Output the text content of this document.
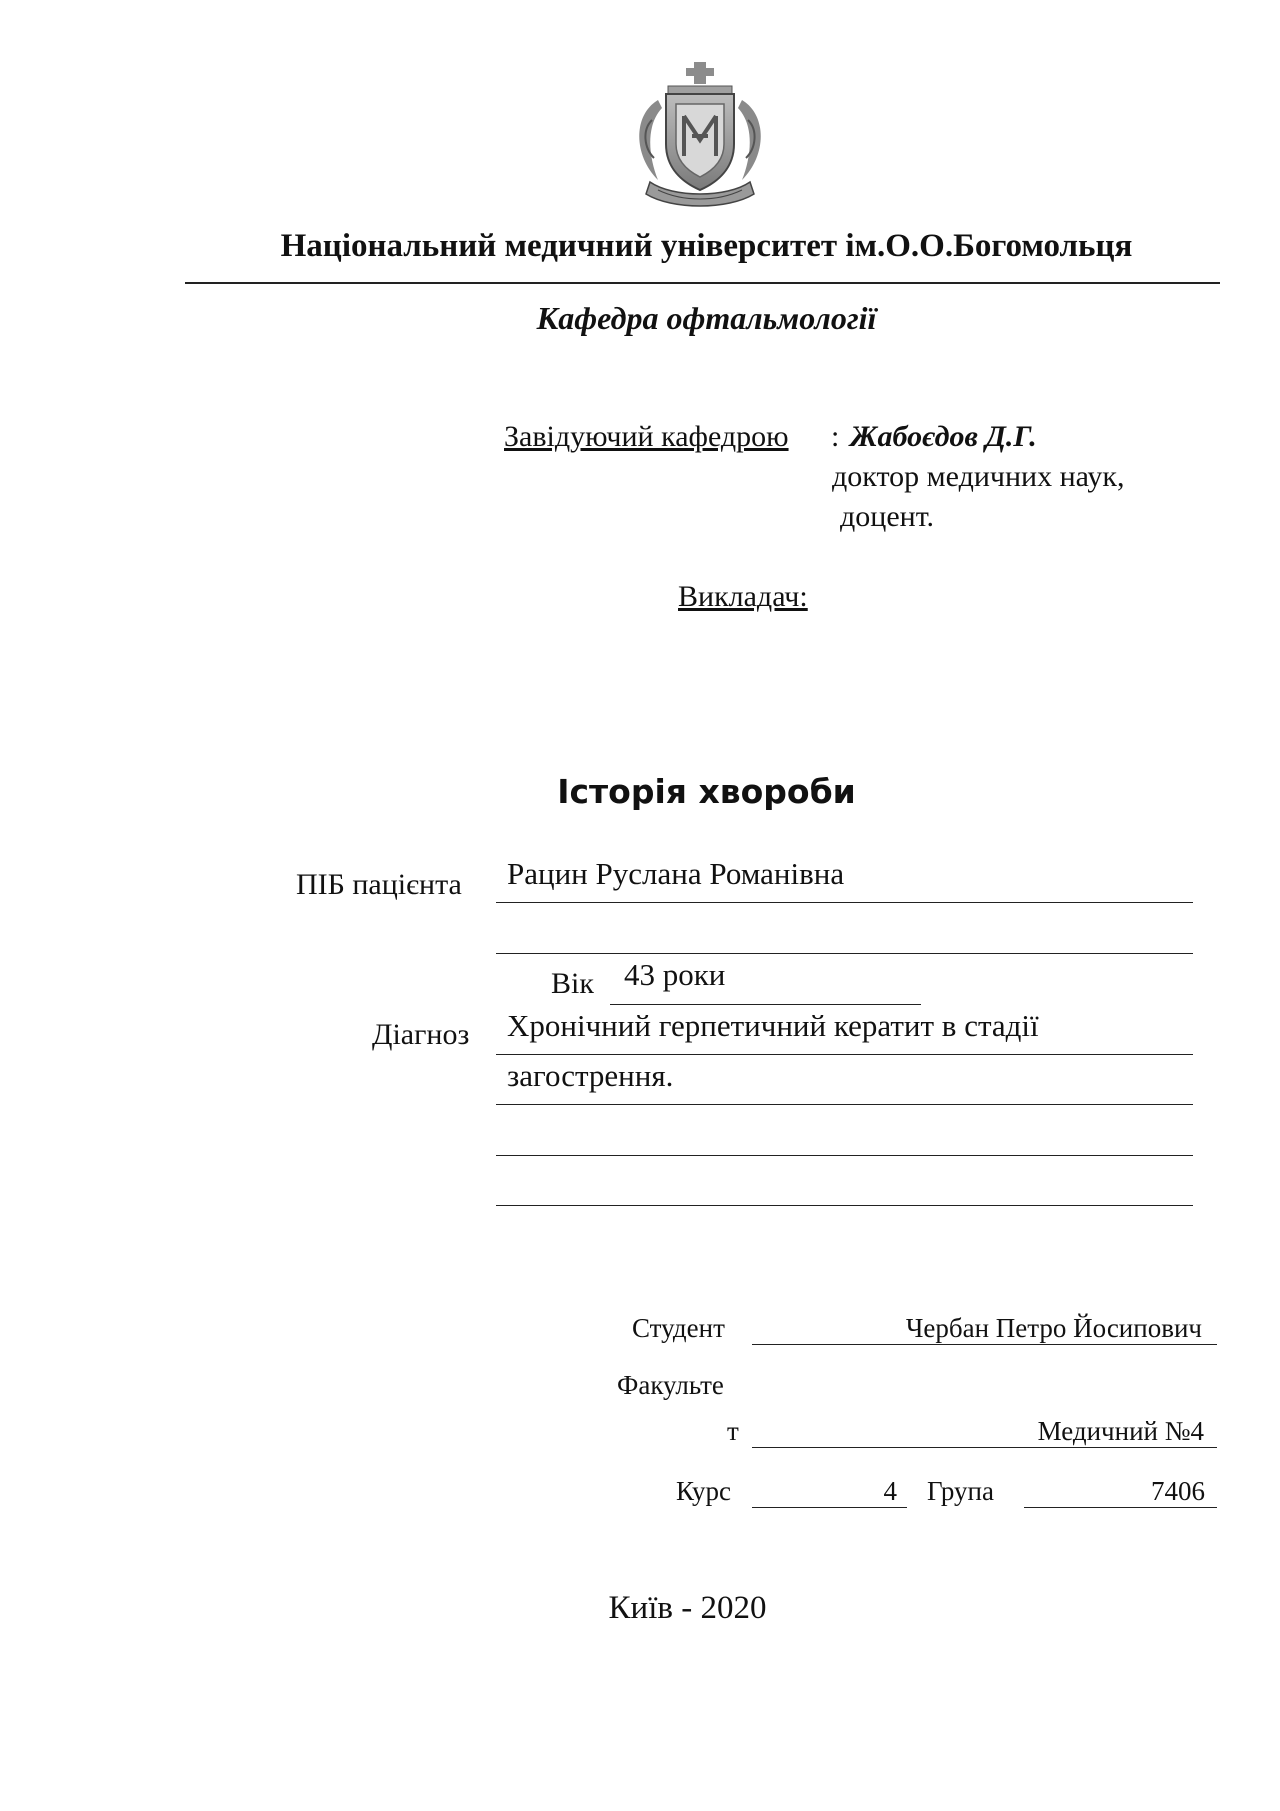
Національний медичний університет ім.О.О.Богомольця
Кафедра офтальмології
Завідуючий кафедрою : Жабоєдов Д.Г.
доктор медичних наук,
доцент.
Викладач:
Історія хвороби
ПІБ пацієнта Рацин Руслана Романівна
Вік 43 роки
Діагноз Хронічний герпетичний кератит в стадії
загострення.
Студент	Чербан Петро Йосипович
Факульте
т	Медичний №4
Курс	4 Група	7406
Київ - 2020
